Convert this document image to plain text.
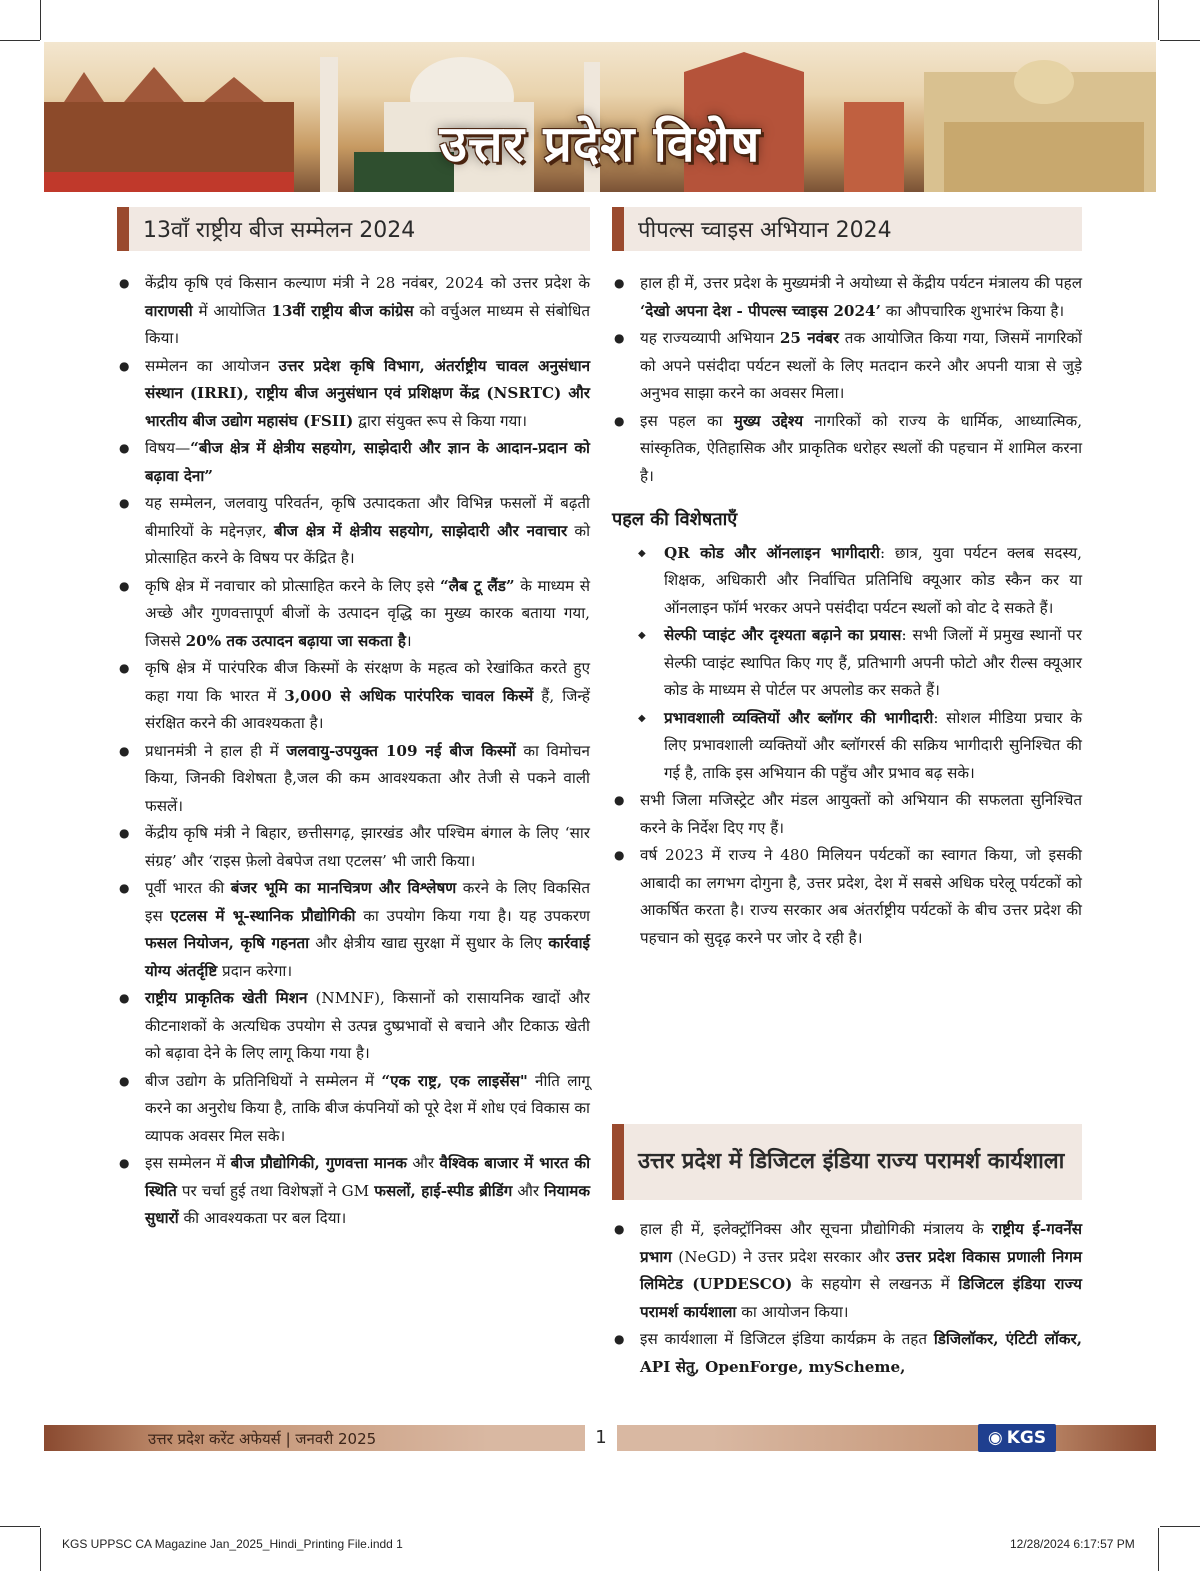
उत्तर प्रदेश विशेष
13वाँ राष्ट्रीय बीज सम्मेलन 2024
● केंद्रीय कृषि एवं किसान कल्याण मंत्री ने 28 नवंबर, 2024 को उत्तर प्रदेश के वाराणसी में आयोजित 13वीं राष्ट्रीय बीज कांग्रेस को वर्चुअल माध्यम से संबोधित किया।
● सम्मेलन का आयोजन उत्तर प्रदेश कृषि विभाग, अंतर्राष्ट्रीय चावल अनुसंधान संस्थान (IRRI), राष्ट्रीय बीज अनुसंधान एवं प्रशिक्षण केंद्र (NSRTC) और भारतीय बीज उद्योग महासंघ (FSII) द्वारा संयुक्त रूप से किया गया।
● विषय—“बीज क्षेत्र में क्षेत्रीय सहयोग, साझेदारी और ज्ञान के आदान-प्रदान को बढ़ावा देना”
● यह सम्मेलन, जलवायु परिवर्तन, कृषि उत्पादकता और विभिन्न फसलों में बढ़ती बीमारियों के मद्देनज़र, बीज क्षेत्र में क्षेत्रीय सहयोग, साझेदारी और नवाचार को प्रोत्साहित करने के विषय पर केंद्रित है।
● कृषि क्षेत्र में नवाचार को प्रोत्साहित करने के लिए इसे “लैब टू लैंड” के माध्यम से अच्छे और गुणवत्तापूर्ण बीजों के उत्पादन वृद्धि का मुख्य कारक बताया गया, जिससे 20% तक उत्पादन बढ़ाया जा सकता है।
● कृषि क्षेत्र में पारंपरिक बीज किस्मों के संरक्षण के महत्व को रेखांकित करते हुए कहा गया कि भारत में 3,000 से अधिक पारंपरिक चावल किस्में हैं, जिन्हें संरक्षित करने की आवश्यकता है।
● प्रधानमंत्री ने हाल ही में जलवायु-उपयुक्त 109 नई बीज किस्मों का विमोचन किया, जिनकी विशेषता है,जल की कम आवश्यकता और तेजी से पकने वाली फसलें।
● केंद्रीय कृषि मंत्री ने बिहार, छत्तीसगढ़, झारखंड और पश्चिम बंगाल के लिए ‘सार संग्रह’ और ‘राइस फ़ेलो वेबपेज तथा एटलस’ भी जारी किया।
● पूर्वी भारत की बंजर भूमि का मानचित्रण और विश्लेषण करने के लिए विकसित इस एटलस में भू-स्थानिक प्रौद्योगिकी का उपयोग किया गया है। यह उपकरण फसल नियोजन, कृषि गहनता और क्षेत्रीय खाद्य सुरक्षा में सुधार के लिए कार्रवाई योग्य अंतर्दृष्टि प्रदान करेगा।
● राष्ट्रीय प्राकृतिक खेती मिशन (NMNF), किसानों को रासायनिक खादों और कीटनाशकों के अत्यधिक उपयोग से उत्पन्न दुष्प्रभावों से बचाने और टिकाऊ खेती को बढ़ावा देने के लिए लागू किया गया है।
● बीज उद्योग के प्रतिनिधियों ने सम्मेलन में “एक राष्ट्र, एक लाइसेंस" नीति लागू करने का अनुरोध किया है, ताकि बीज कंपनियों को पूरे देश में शोध एवं विकास का व्यापक अवसर मिल सके।
● इस सम्मेलन में बीज प्रौद्योगिकी, गुणवत्ता मानक और वैश्विक बाजार में भारत की स्थिति पर चर्चा हुई तथा विशेषज्ञों ने GM फसलों, हाई-स्पीड ब्रीडिंग और नियामक सुधारों की आवश्यकता पर बल दिया।
पीपल्स च्वाइस अभियान 2024
● हाल ही में, उत्तर प्रदेश के मुख्यमंत्री ने अयोध्या से केंद्रीय पर्यटन मंत्रालय की पहल ‘देखो अपना देश - पीपल्स च्वाइस 2024’ का औपचारिक शुभारंभ किया है।
● यह राज्यव्यापी अभियान 25 नवंबर तक आयोजित किया गया, जिसमें नागरिकों को अपने पसंदीदा पर्यटन स्थलों के लिए मतदान करने और अपनी यात्रा से जुड़े अनुभव साझा करने का अवसर मिला।
● इस पहल का मुख्य उद्देश्य नागरिकों को राज्य के धार्मिक, आध्यात्मिक, सांस्कृतिक, ऐतिहासिक और प्राकृतिक धरोहर स्थलों की पहचान में शामिल करना है।
पहल की विशेषताएँ
◆ QR कोड और ऑनलाइन भागीदारी: छात्र, युवा पर्यटन क्लब सदस्य, शिक्षक, अधिकारी और निर्वाचित प्रतिनिधि क्यूआर कोड स्कैन कर या ऑनलाइन फॉर्म भरकर अपने पसंदीदा पर्यटन स्थलों को वोट दे सकते हैं।
◆ सेल्फी प्वाइंट और दृश्यता बढ़ाने का प्रयास: सभी जिलों में प्रमुख स्थानों पर सेल्फी प्वाइंट स्थापित किए गए हैं, प्रतिभागी अपनी फोटो और रील्स क्यूआर कोड के माध्यम से पोर्टल पर अपलोड कर सकते हैं।
◆ प्रभावशाली व्यक्तियों और ब्लॉगर की भागीदारी: सोशल मीडिया प्रचार के लिए प्रभावशाली व्यक्तियों और ब्लॉगरर्स की सक्रिय भागीदारी सुनिश्चित की गई है, ताकि इस अभियान की पहुँच और प्रभाव बढ़ सके।
● सभी जिला मजिस्ट्रेट और मंडल आयुक्तों को अभियान की सफलता सुनिश्चित करने के निर्देश दिए गए हैं।
● वर्ष 2023 में राज्य ने 480 मिलियन पर्यटकों का स्वागत किया, जो इसकी आबादी का लगभग दोगुना है, उत्तर प्रदेश, देश में सबसे अधिक घरेलू पर्यटकों को आकर्षित करता है। राज्य सरकार अब अंतर्राष्ट्रीय पर्यटकों के बीच उत्तर प्रदेश की पहचान को सुदृढ़ करने पर जोर दे रही है।
उत्तर प्रदेश में डिजिटल इंडिया राज्य परामर्श कार्यशाला
● हाल ही में, इलेक्ट्रॉनिक्स और सूचना प्रौद्योगिकी मंत्रालय के राष्ट्रीय ई-गवर्नेंस प्रभाग (NeGD) ने उत्तर प्रदेश सरकार और उत्तर प्रदेश विकास प्रणाली निगम लिमिटेड (UPDESCO) के सहयोग से लखनऊ में डिजिटल इंडिया राज्य परामर्श कार्यशाला का आयोजन किया।
● इस कार्यशाला में डिजिटल इंडिया कार्यक्रम के तहत डिजिलॉकर, एंटिटी लॉकर, API सेतु, OpenForge, myScheme,
उत्तर प्रदेश करेंट अफेयर्स | जनवरी 2025	1	◉ KGS
KGS UPPSC CA Magazine Jan_2025_Hindi_Printing File.indd 1	12/28/2024 6:17:57 PM
